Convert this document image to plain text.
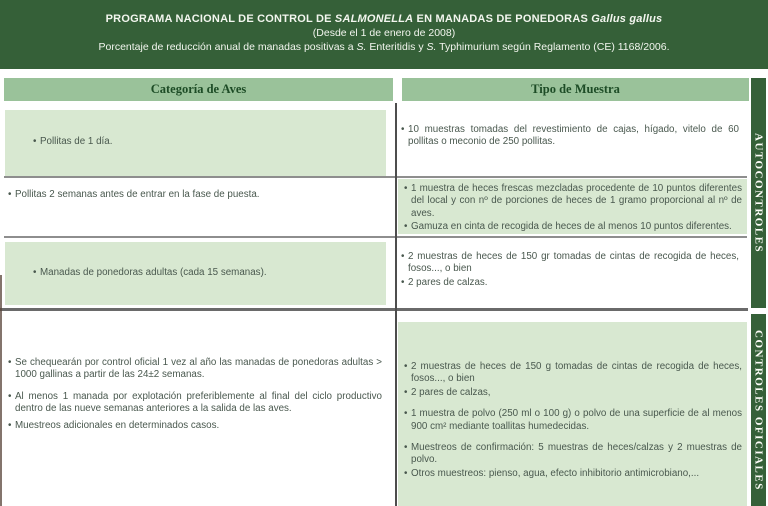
PROGRAMA NACIONAL DE CONTROL DE SALMONELLA EN MANADAS DE PONEDORAS Gallus gallus
(Desde el 1 de enero de 2008)
Porcentaje de reducción anual de manadas positivas a S. Enteritidis y S. Typhimurium según Reglamento (CE) 1168/2006.
Categoría de Aves	Tipo de Muestra
• Pollitas de 1 día.
• 10 muestras tomadas del revestimiento de cajas, hígado, vitelo de 60 pollitas o meconio de 250 pollitas.
• Pollitas 2 semanas antes de entrar en la fase de puesta.
• 1 muestra de heces frescas mezcladas procedente de 10 puntos diferentes del local y con nº de porciones de heces de 1 gramo proporcional al nº de aves.
• Gamuza en cinta de recogida de heces de al menos 10 puntos diferentes.
• Manadas de ponedoras adultas (cada 15 semanas).
• 2 muestras de heces de 150 gr tomadas de cintas de recogida de heces, fosos..., o bien
• 2 pares de calzas.
• Se chequearán por control oficial 1 vez al año las manadas de ponedoras adultas > 1000 gallinas a partir de las 24±2 semanas.
• Al menos 1 manada por explotación preferiblemente al final del ciclo productivo dentro de las nueve semanas anteriores a la salida de las aves.
• Muestreos adicionales en determinados casos.
• 2 muestras de heces de 150 g tomadas de cintas de recogida de heces, fosos..., o bien
• 2 pares de calzas,
• 1 muestra de polvo (250 ml o 100 g) o polvo de una superficie de al menos 900 cm² mediante toallitas humedecidas.
• Muestreos de confirmación: 5 muestras de heces/calzas y 2 muestras de polvo.
• Otros muestreos: pienso, agua, efecto inhibitorio antimicrobiano,...
AUTOCONTROLES
CONTROLES OFICIALES
